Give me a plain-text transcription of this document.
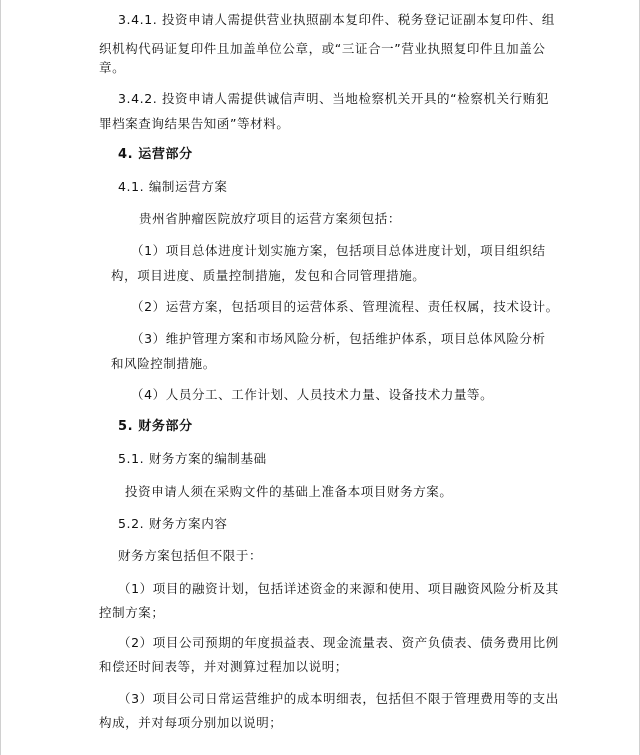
3.4.1. 投资申请人需提供营业执照副本复印件、税务登记证副本复印件、组
织机构代码证复印件且加盖单位公章，或“三证合一”营业执照复印件且加盖公
章。
3.4.2. 投资申请人需提供诚信声明、当地检察机关开具的“检察机关行贿犯
罪档案查询结果告知函”等材料。
4. 运营部分
4.1. 编制运营方案
贵州省肿瘤医院放疗项目的运营方案须包括：
（1）项目总体进度计划实施方案，包括项目总体进度计划，项目组织结
构，项目进度、质量控制措施，发包和合同管理措施。
（2）运营方案，包括项目的运营体系、管理流程、责任权属，技术设计。
（3）维护管理方案和市场风险分析，包括维护体系，项目总体风险分析
和风险控制措施。
（4）人员分工、工作计划、人员技术力量、设备技术力量等。
5. 财务部分
5.1. 财务方案的编制基础
投资申请人须在采购文件的基础上准备本项目财务方案。
5.2. 财务方案内容
财务方案包括但不限于：
（1）项目的融资计划，包括详述资金的来源和使用、项目融资风险分析及其
控制方案；
（2）项目公司预期的年度损益表、现金流量表、资产负债表、债务费用比例
和偿还时间表等，并对测算过程加以说明；
（3）项目公司日常运营维护的成本明细表，包括但不限于管理费用等的支出
构成，并对每项分别加以说明；
